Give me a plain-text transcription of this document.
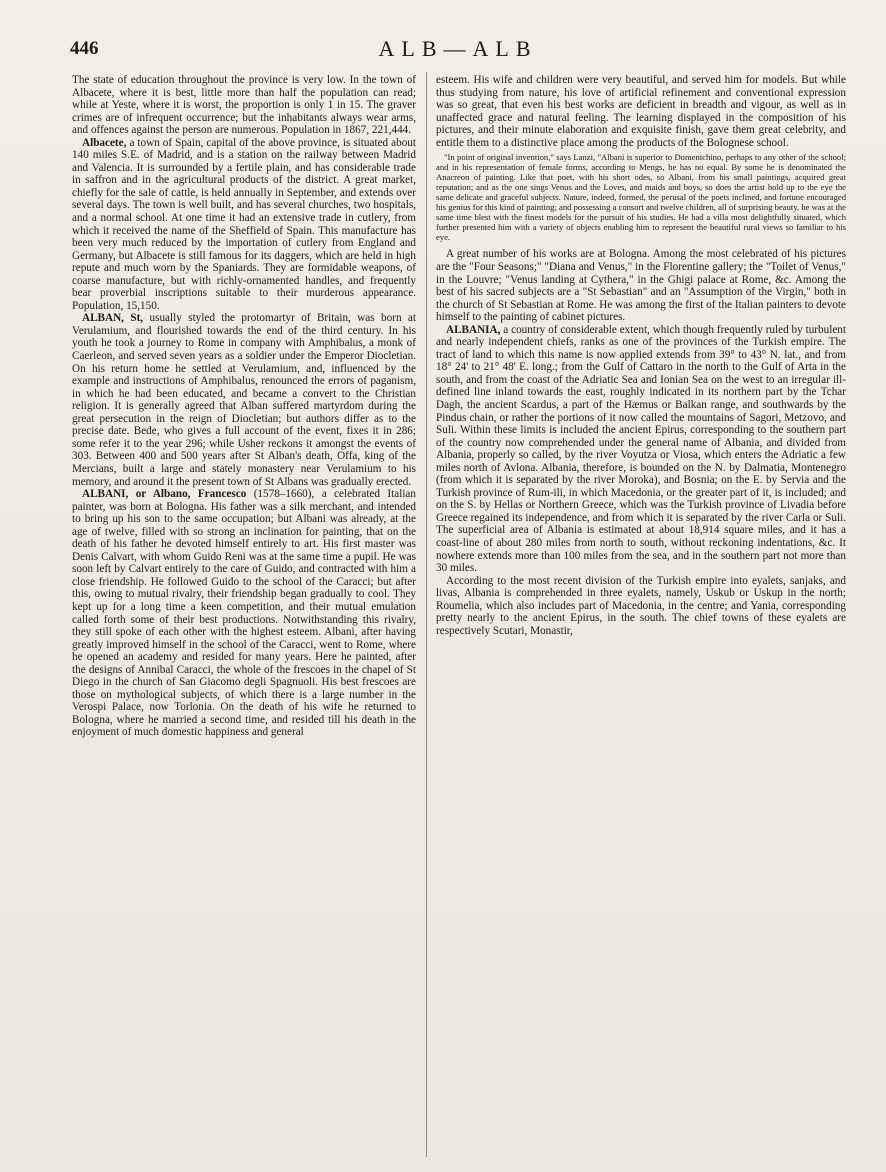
446	ALB—ALB

The state of education throughout the province is very low. In the town of Albacete, where it is best, little more than half the population can read; while at Yeste, where it is worst, the proportion is only 1 in 15. The graver crimes are of infrequent occurrence; but the inhabitants always wear arms, and offences against the person are numerous. Population in 1867, 221,444.

Albacete, a town of Spain, capital of the above province, is situated about 140 miles S.E. of Madrid, and is a station on the railway between Madrid and Valencia. It is surrounded by a fertile plain, and has considerable trade in saffron and in the agricultural products of the district. A great market, chiefly for the sale of cattle, is held annually in September, and extends over several days. The town is well built, and has several churches, two hospitals, and a normal school. At one time it had an extensive trade in cutlery, from which it received the name of the Sheffield of Spain. This manufacture has been very much reduced by the importation of cutlery from England and Germany, but Albacete is still famous for its daggers, which are held in high repute and much worn by the Spaniards. They are formidable weapons, of coarse manufacture, but with richly-ornamented handles, and frequently bear proverbial inscriptions suitable to their murderous appearance. Population, 15,150.

ALBAN, St, usually styled the protomartyr of Britain, was born at Verulamium, and flourished towards the end of the third century. In his youth he took a journey to Rome in company with Amphibalus, a monk of Caerleon, and served seven years as a soldier under the Emperor Diocletian. On his return home he settled at Verulamium, and, influenced by the example and instructions of Amphibalus, renounced the errors of paganism, in which he had been educated, and became a convert to the Christian religion. It is generally agreed that Alban suffered martyrdom during the great persecution in the reign of Diocletian; but authors differ as to the precise date. Bede, who gives a full account of the event, fixes it in 286; some refer it to the year 296; while Usher reckons it amongst the events of 303. Between 400 and 500 years after St Alban's death, Offa, king of the Mercians, built a large and stately monastery near Verulamium to his memory, and around it the present town of St Albans was gradually erected.

ALBANI, or Albano, Francesco (1578–1660), a celebrated Italian painter, was born at Bologna. His father was a silk merchant, and intended to bring up his son to the same occupation; but Albani was already, at the age of twelve, filled with so strong an inclination for painting, that on the death of his father he devoted himself entirely to art. His first master was Denis Calvart, with whom Guido Reni was at the same time a pupil. He was soon left by Calvart entirely to the care of Guido, and contracted with him a close friendship. He followed Guido to the school of the Caracci; but after this, owing to mutual rivalry, their friendship began gradually to cool. They kept up for a long time a keen competition, and their mutual emulation called forth some of their best productions. Notwithstanding this rivalry, they still spoke of each other with the highest esteem. Albani, after having greatly improved himself in the school of the Caracci, went to Rome, where he opened an academy and resided for many years. Here he painted, after the designs of Annibal Caracci, the whole of the frescoes in the chapel of St Diego in the church of San Giacomo degli Spagnuoli. His best frescoes are those on mythological subjects, of which there is a large number in the Verospi Palace, now Torlonia. On the death of his wife he returned to Bologna, where he married a second time, and resided till his death in the enjoyment of much domestic happiness and general

esteem. His wife and children were very beautiful, and served him for models. But while thus studying from nature, his love of artificial refinement and conventional expression was so great, that even his best works are deficient in breadth and vigour, as well as in unaffected grace and natural feeling. The learning displayed in the composition of his pictures, and their minute elaboration and exquisite finish, gave them great celebrity, and entitle them to a distinctive place among the products of the Bolognese school.

"In point of original invention," says Lanzi, "Albani is superior to Domenichino, perhaps to any other of the school; and in his representation of female forms, according to Mengs, he has no equal. By some he is denominated the Anacreon of painting. Like that poet, with his short odes, so Albani, from his small paintings, acquired great reputation; and as the one sings Venus and the Loves, and maids and boys, so does the artist hold up to the eye the same delicate and graceful subjects. Nature, indeed, formed, the perusal of the poets inclined, and fortune encouraged his genius for this kind of painting; and possessing a consort and twelve children, all of surprising beauty, he was at the same time blest with the finest models for the pursuit of his studies. He had a villa most delightfully situated, which further presented him with a variety of objects enabling him to represent the beautiful rural views so familiar to his eye.

A great number of his works are at Bologna. Among the most celebrated of his pictures are the "Four Seasons;" "Diana and Venus," in the Florentine gallery; the "Toilet of Venus," in the Louvre; "Venus landing at Cythera," in the Ghigi palace at Rome, &c. Among the best of his sacred subjects are a "St Sebastian" and an "Assumption of the Virgin," both in the church of St Sebastian at Rome. He was among the first of the Italian painters to devote himself to the painting of cabinet pictures.

ALBANIA, a country of considerable extent, which though frequently ruled by turbulent and nearly independent chiefs, ranks as one of the provinces of the Turkish empire. The tract of land to which this name is now applied extends from 39° to 43° N. lat., and from 18° 24' to 21° 48' E. long.; from the Gulf of Cattaro in the north to the Gulf of Arta in the south, and from the coast of the Adriatic Sea and Ionian Sea on the west to an irregular ill-defined line inland towards the east, roughly indicated in its northern part by the Tchar Dagh, the ancient Scardus, a part of the Hæmus or Balkan range, and southwards by the Pindus chain, or rather the portions of it now called the mountains of Sagori, Metzovo, and Suli. Within these limits is included the ancient Epirus, corresponding to the southern part of the country now comprehended under the general name of Albania, and divided from Albania, properly so called, by the river Voyutza or Viosa, which enters the Adriatic a few miles north of Avlona. Albania, therefore, is bounded on the N. by Dalmatia, Montenegro (from which it is separated by the river Moroka), and Bosnia; on the E. by Servia and the Turkish province of Rum-ili, in which Macedonia, or the greater part of it, is included; and on the S. by Hellas or Northern Greece, which was the Turkish province of Livadia before Greece regained its independence, and from which it is separated by the river Carla or Suli. The superficial area of Albania is estimated at about 18,914 square miles, and it has a coast-line of about 280 miles from north to south, without reckoning indentations, &c. It nowhere extends more than 100 miles from the sea, and in the southern part not more than 30 miles.

According to the most recent division of the Turkish empire into eyalets, sanjaks, and livas, Albania is comprehended in three eyalets, namely, Uskub or Uskup in the north; Roumelia, which also includes part of Macedonia, in the centre; and Yania, corresponding pretty nearly to the ancient Epirus, in the south. The chief towns of these eyalets are respectively Scutari, Monastir,
